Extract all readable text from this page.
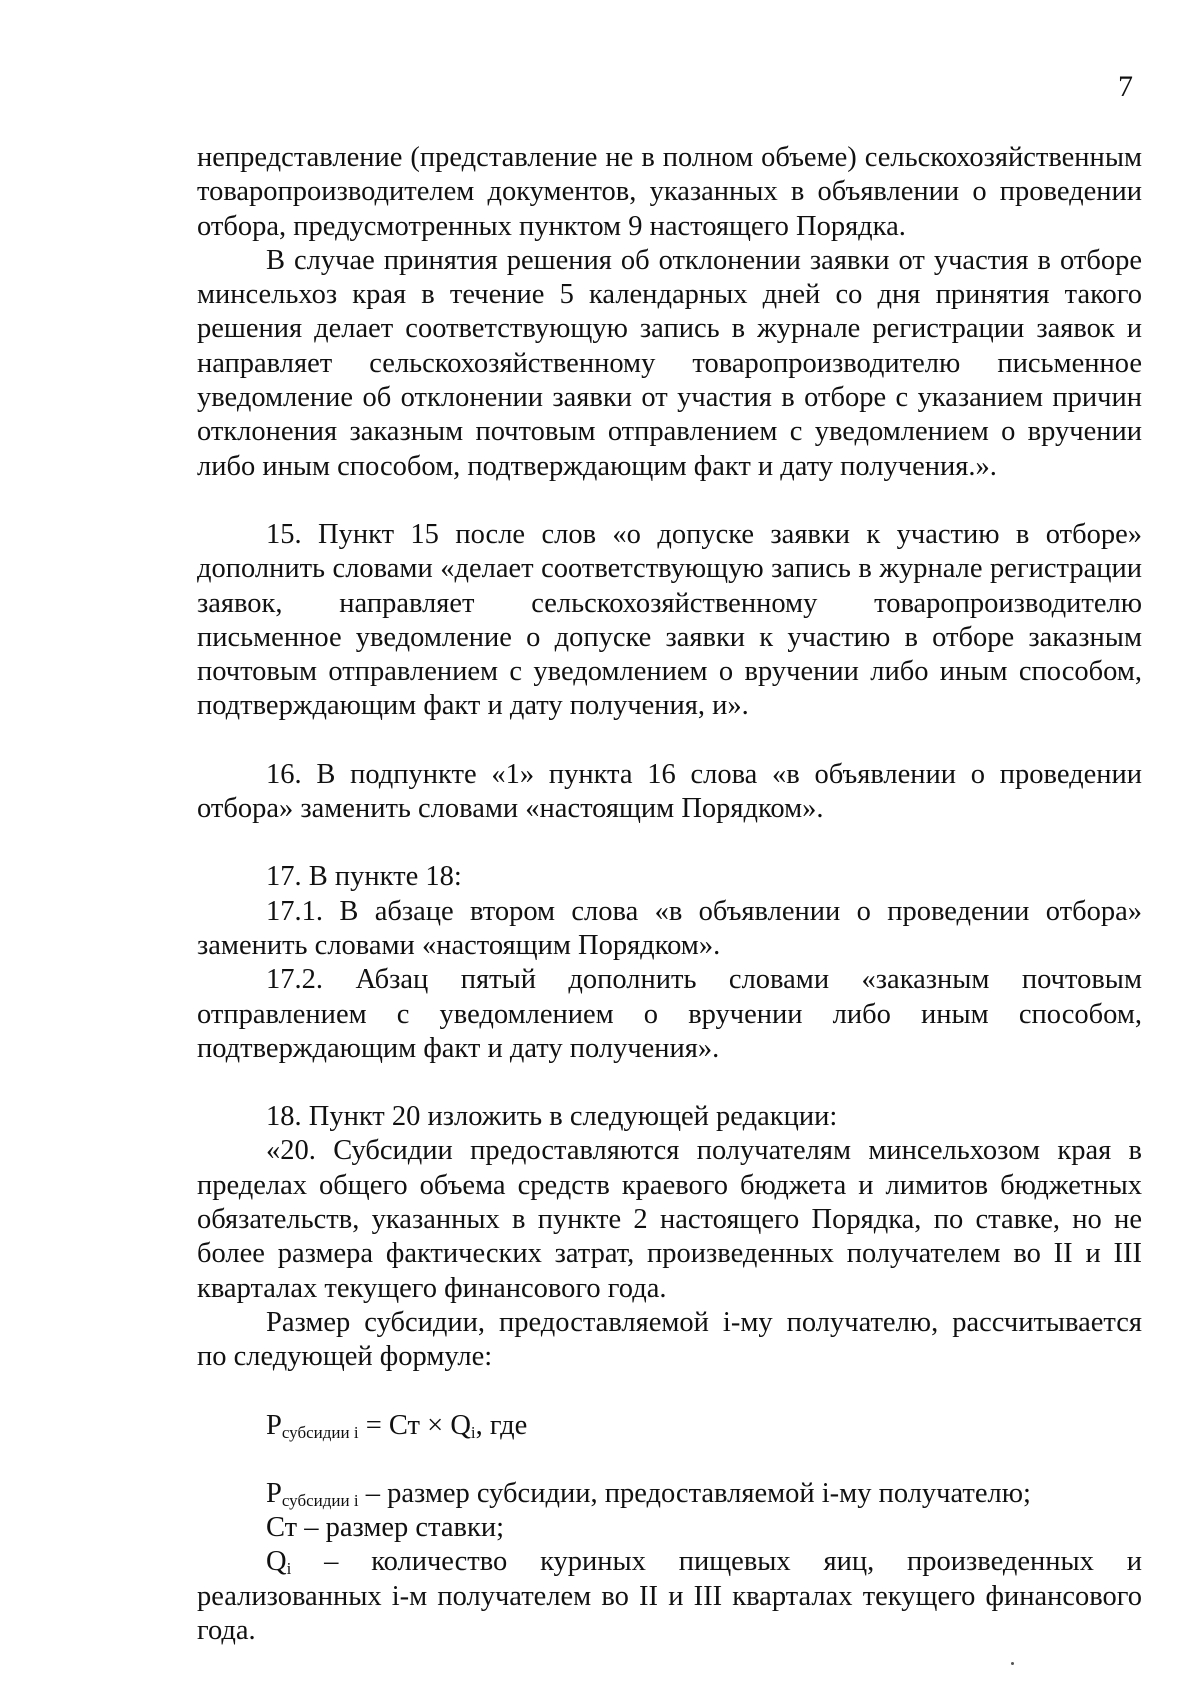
7

непредставление (представление не в полном объеме) сельскохозяйственным товаропроизводителем документов, указанных в объявлении о проведении отбора, предусмотренных пунктом 9 настоящего Порядка.

В случае принятия решения об отклонении заявки от участия в отборе минсельхоз края в течение 5 календарных дней со дня принятия такого решения делает соответствующую запись в журнале регистрации заявок и направляет сельскохозяйственному товаропроизводителю письменное уведомление об отклонении заявки от участия в отборе с указанием причин отклонения заказным почтовым отправлением с уведомлением о вручении либо иным способом, подтверждающим факт и дату получения.».

15. Пункт 15 после слов «о допуске заявки к участию в отборе» дополнить словами «делает соответствующую запись в журнале регистрации заявок, направляет сельскохозяйственному товаропроизводителю письменное уведомление о допуске заявки к участию в отборе заказным почтовым отправлением с уведомлением о вручении либо иным способом, подтверждающим факт и дату получения, и».

16. В подпункте «1» пункта 16 слова «в объявлении о проведении отбора» заменить словами «настоящим Порядком».

17. В пункте 18:

17.1. В абзаце втором слова «в объявлении о проведении отбора» заменить словами «настоящим Порядком».

17.2. Абзац пятый дополнить словами «заказным почтовым отправлением с уведомлением о вручении либо иным способом, подтверждающим факт и дату получения».

18. Пункт 20 изложить в следующей редакции:

«20. Субсидии предоставляются получателям минсельхозом края в пределах общего объема средств краевого бюджета и лимитов бюджетных обязательств, указанных в пункте 2 настоящего Порядка, по ставке, но не более размера фактических затрат, произведенных получателем во II и III кварталах текущего финансового года.

Размер субсидии, предоставляемой i-му получателю, рассчитывается по следующей формуле:

$P_{субсидии i}$ = Ст × $Q_i$, где

$P_{субсидии i}$ – размер субсидии, предоставляемой i-му получателю;

Ст – размер ставки;

$Q_i$ – количество куриных пищевых яиц, произведенных и реализованных i-м получателем во II и III кварталах текущего финансового года.
